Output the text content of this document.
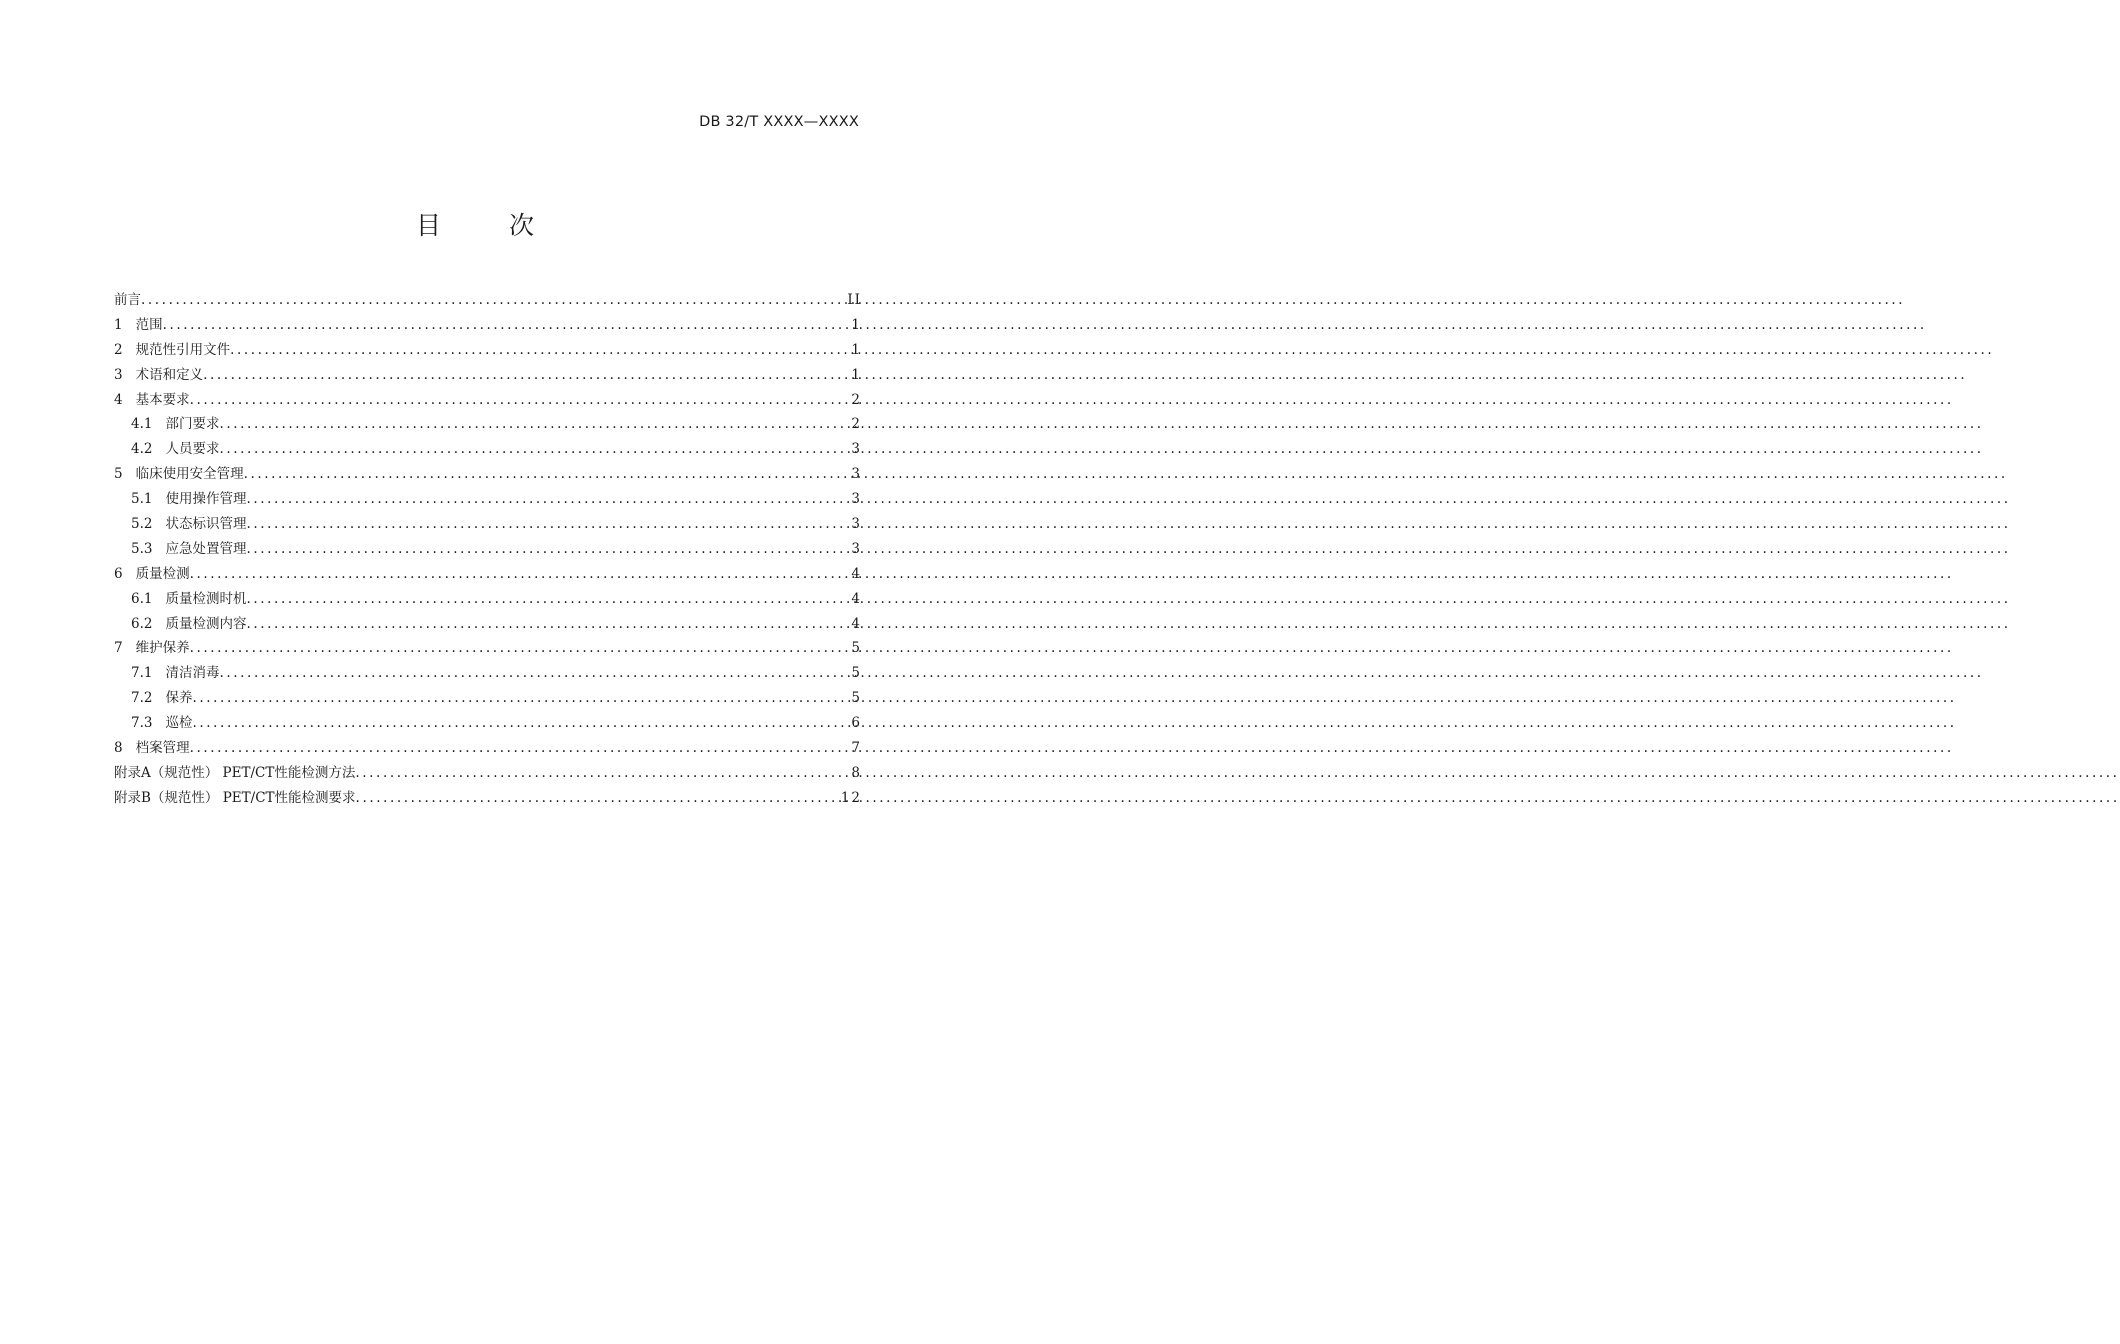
DB 32/T XXXX—XXXX
目 次
前言 .....	II
1 范围 .....	1
2 规范性引用文件 .....	1
3 术语和定义 .....	1
4 基本要求 .....	2
4.1 部门要求 .....	2
4.2 人员要求 .....	3
5 临床使用安全管理 .....	3
5.1 使用操作管理 .....	3
5.2 状态标识管理 .....	3
5.3 应急处置管理 .....	3
6 质量检测 .....	4
6.1 质量检测时机 .....	4
6.2 质量检测内容 .....	4
7 维护保养 .....	5
7.1 清洁消毒 .....	5
7.2 保养 .....	5
7.3 巡检 .....	6
8 档案管理 .....	7
附录A（规范性） PET/CT性能检测方法 .....	8
附录B（规范性） PET/CT性能检测要求 .....	12
